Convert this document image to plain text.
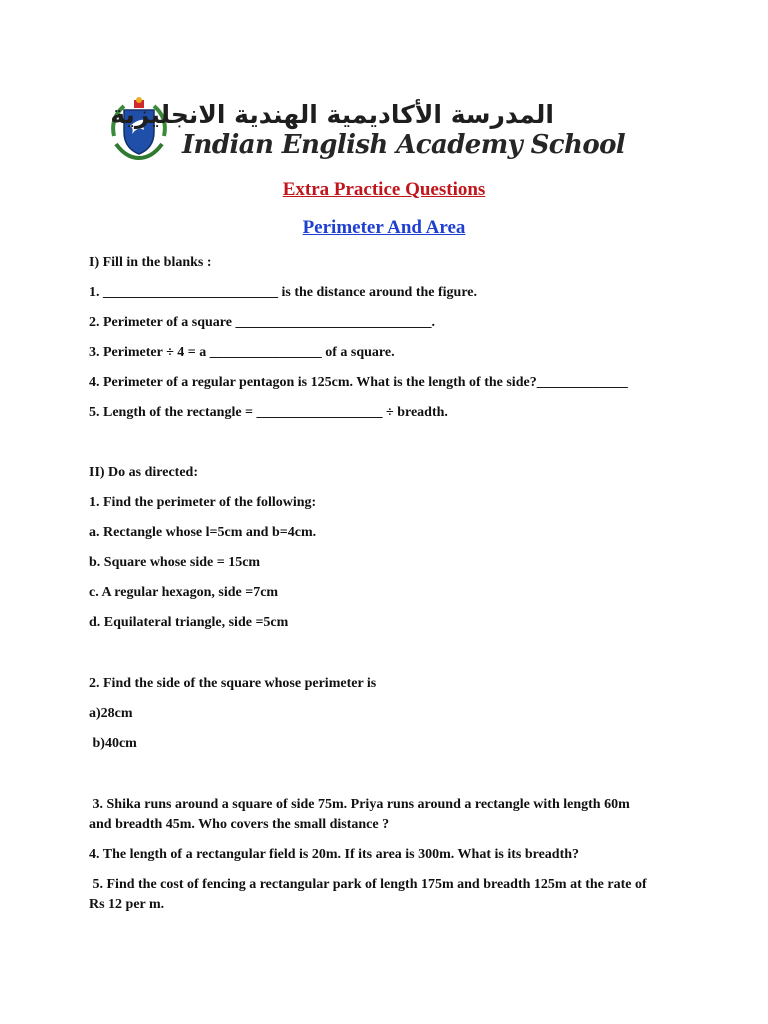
المدرسة الأكاديمية الهندية الانجليزية
Indian English Academy School
Extra Practice Questions
Perimeter And Area
I) Fill in the blanks :
1. _________________________ is the distance around the figure.
2. Perimeter of a square ____________________________.
3. Perimeter ÷ 4 = a ________________ of a square.
4. Perimeter of a regular pentagon is 125cm. What is the length of the side?_____________
5. Length of the rectangle = __________________ ÷ breadth.
II) Do as directed:
1. Find the perimeter of the following:
a. Rectangle whose l=5cm and b=4cm.
b. Square whose side = 15cm
c. A regular hexagon, side =7cm
d. Equilateral triangle, side =5cm
2. Find the side of the square whose perimeter is
a)28cm
b)40cm
3. Shika runs around a square of side 75m. Priya runs around a rectangle with length 60m and breadth 45m. Who covers the small distance ?
4. The length of a rectangular field is 20m. If its area is 300m. What is its breadth?
5. Find the cost of fencing a rectangular park of length 175m and breadth 125m at the rate of Rs 12 per m.
